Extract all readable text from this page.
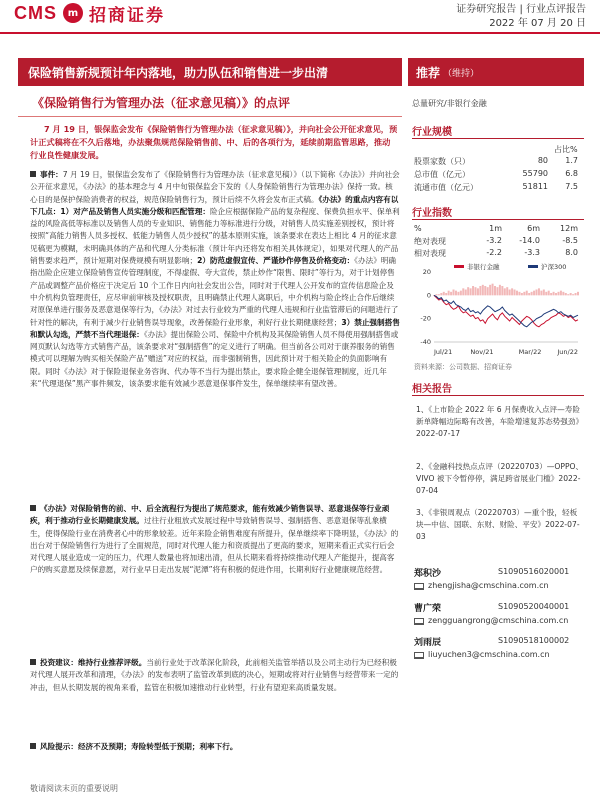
CMS	m 招商证券	证券研究报告 | 行业点评报告
2022 年 07 月 20 日
保险销售新规预计年内落地，助力队伍和销售进一步出清	推荐 （维持）
《保险销售行为管理办法（征求意见稿）》的点评	总量研究/非银行金融
7 月 19 日，银保监会发布《保险销售行为管理办法（征求意见稿）》，并向社会公开征求意见，预计正式稿将在不久后落地，办法聚焦规范保险销售前、中、后的各项行为，延续前期监管思路，推动行业良性健康发展。
事件：7 月 19 日，银保监会发布了《保险销售行为管理办法（征求意见稿）》（以下简称《办法》）并向社会公开征求意见，《办法》的基本理念与 4 月中旬银保监会下发的《人身保险销售行为管理办法》保持一致。核心目的是保护保险消费者的权益，规范保险销售行为，预计后续不久将会发布正式稿。《办法》的重点内容有以下几点：1）对产品及销售人员实施分级和匹配管理：险企应根据保险产品的复杂程度、保费负担水平、保单利益的风险高低等标准以及销售人员的专业知识、销售能力等标准进行分级，对销售人员实施差别授权，预计将按照“高能力销售人员多授权、低能力销售人员少授权”的基本原则实施，该条要求在表达上相比 4 月的征求意见稿更为模糊，未明确具体的产品和代理人分类标准（预计年内还将发布相关具体规定），如果对代理人的产品销售要求趋严，预计短期对保费规模有明显影响；2）防范虚假宣传、严谨炒作停售及价格变动：《办法》明确指出险企应建立保险销售宣传管理制度，不得虚假、夸大宣传，禁止炒作“限售、限时”等行为，对于计划停售产品或调整产品价格应于决定后 10 个工作日内向社会发出公告，同时对于代理人公开发布的宣传信息险企及中介机构负管理责任，应尽审前审核及授权职责，且明确禁止代理人离职后，中介机构与险企终止合作后继续对原保单进行服务及恶意退保等行为，《办法》对过去行业较为严重的代理人违规和行业监管滞后的问题进行了针对性的解决，有利于减少行业销售误导现象，改善保险行业形象，利好行业长期健康经营；3）禁止强制搭售和默认勾选，严禁不当代理退保：《办法》提出保险公司、保险中介机构及其保险销售人员不得使用强制搭售或网页默认勾选等方式销售产品，该条要求对“强制搭售”的定义进行了明确。但当前各公司对于康养服务的销售模式可以理解为购买相关保险产品“赠送”对应的权益，而非强制销售，因此预计对于相关险企的负面影响有限。同时《办法》对于保险退保业务咨询、代办等不当行为提出禁止，要求险企健全退保管理制度，近几年来“代理退保”黑产事件频发，该条要求能有效减少恶意退保事件发生，保单继续率有望改善。
《办法》对保险销售的前、中、后全流程行为提出了规范要求，能有效减少销售误导、恶意退保等行业顽疾，利于推动行业长期健康发展。过往行业粗放式发展过程中导致销售误导、强制搭售、恶意退保等乱象横生，使得保险行业在消费者心中的形象较差。近年来险企销售难度有所提升，保单继续率下降明显，《办法》的出台对于保险销售行为进行了全面规范，同时对代理人能力和资质提出了更高的要求，短期来看正式实行后会对代理人展业造成一定的压力，代理人数量也将加速出清，但从长期来看将持续推动代理人产能提升，提高客户的购买意愿及续保意愿，对行业早日走出发展“泥潭”将有积极的促进作用，长期利好行业健康规范经营。
投资建议：维持行业推荐评级。当前行业处于改革深化阶段，此前相关监管举措以及公司主动行为已经积极对代理人展开改革和清理，《办法》的发布表明了监管改革到底的决心，短期或将对行业销售与经营带来一定的冲击，但从长期发展的视角来看，监管在积极加速推动行业转型，行业有望迎来高质量发展。
风险提示：经济不及预期；寿险转型低于预期；利率下行。
敬请阅读末页的重要说明
行业规模
占比%
股票家数（只）	80	1.7
总市值（亿元）	55790	6.8
流通市值（亿元）	51811	7.5
行业指数
%	1m	6m	12m
绝对表现	-3.2	-14.0	-8.5
相对表现	-2.2	-3.3	8.0
20
0
-20
-40
Jul/21	Nov/21	Mar/22 Jun/22
非银行金融	沪深300
资料来源：公司数据、招商证券
相关报告
1、《上市险企 2022 年 6 月保费收入点评—寿险新单降幅边际略有改善，车险增速复苏态势强劲》2022-07-17
2、《金融科技热点点评（20220703）—OPPO、VIVO 被下令暂停停，满足跨省展业门槛》2022-07-04
3、《非银周观点（20220703）—重个股，轻板块—中信、国联、东财、财险、平安》2022-07-03
郑积沙	S1090516020001
zhengjisha@cmschina.com.cn
曹广荣	S1090520040001
zengguangrong@cmschina.com.cn
刘雨辰	S1090518100002
liuyuchen3@cmschina.com.cn
